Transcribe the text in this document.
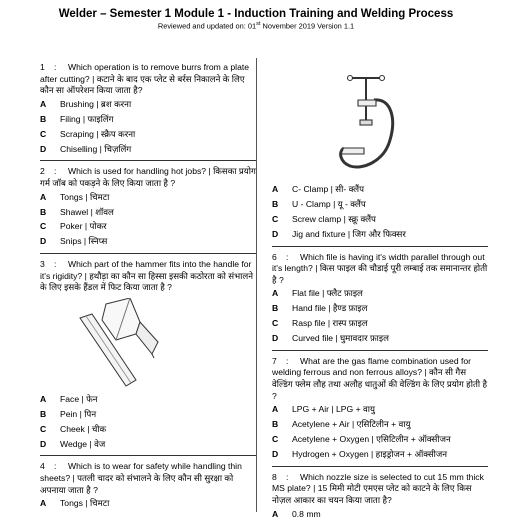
Welder – Semester 1 Module 1 - Induction Training and Welding Process
Reviewed and updated on: 01st November 2019 Version 1.1
1 : Which operation is to remove burrs from a plate after cutting? | कटाने के बाद एक प्लेट से बर्रस निकालने के लिए कौन सा ऑपरेशन किया जाता है?
A	Brushing | ब्रश करना
B	Filing | फाइलिंग
C	Scraping | स्क्रैप करना
D	Chiselling | चिज़लिंग
2 : Which is used for handling hot jobs? | किसका प्रयोग गर्म जॉब को पकड़ने के लिए किया जाता है ?
A	Tongs | चिमटा
B	Shawel | शॉवल
C	Poker | पोकर
D	Snips | स्निप्स
3 : Which part of the hammer fits into the handle for it's rigidity? | हथौड़ा का कौन सा हिस्सा इसकी कठोरता को संभालने के लिए इसके हैंडल में फिट किया जाता है ?
A	Face | फेन
B	Pein | पिन
C	Cheek | चीक
D	Wedge | वेज
4 : Which is to wear for safety while handling thin sheets? | पतली चादर को संभालने के लिए कौन सी सुरक्षा को अपनाया जाता है ?
A	Tongs | चिमटा
A	C- Clamp | सी- क्लैंप
B	U - Clamp | यू - क्लैंप
C	Screw clamp | स्क्रू क्लैंप
D	Jig and fixture | जिग और फिक्सर
6 : Which file is having it's width parallel through out it's length? | किस फाइल की चौडाई पूरी लम्बाई तक समानान्तर होती है ?
A	Flat file | फ्लैट फ़ाइल
B	Hand file | हैण्ड फ़ाइल
C	Rasp file | रास्प फ़ाइल
D	Curved file | घुमावदार फ़ाइल
7 : What are the gas flame combination used for welding ferrous and non ferrous alloys? | कौन सी गैस वेल्डिंग फ्लेम लौह तथा अलौह धातुओं की वेल्डिंग के लिए प्रयोग होती है ?
A	LPG + Air | LPG + वायु
B	Acetylene + Air | एसिटिलीन + वायु
C	Acetylene + Oxygen | एसिटिलीन + ऑक्सीजन
D	Hydrogen + Oxygen | हाइड्रोजन + ऑक्सीजन
8 : Which nozzle size is selected to cut 15 mm thick MS plate? | 15 मिमी मोटी एमएस प्लेट को काटने के लिए किस नोज़ल आकार का चयन किया जाता है?
A	0.8 mm
